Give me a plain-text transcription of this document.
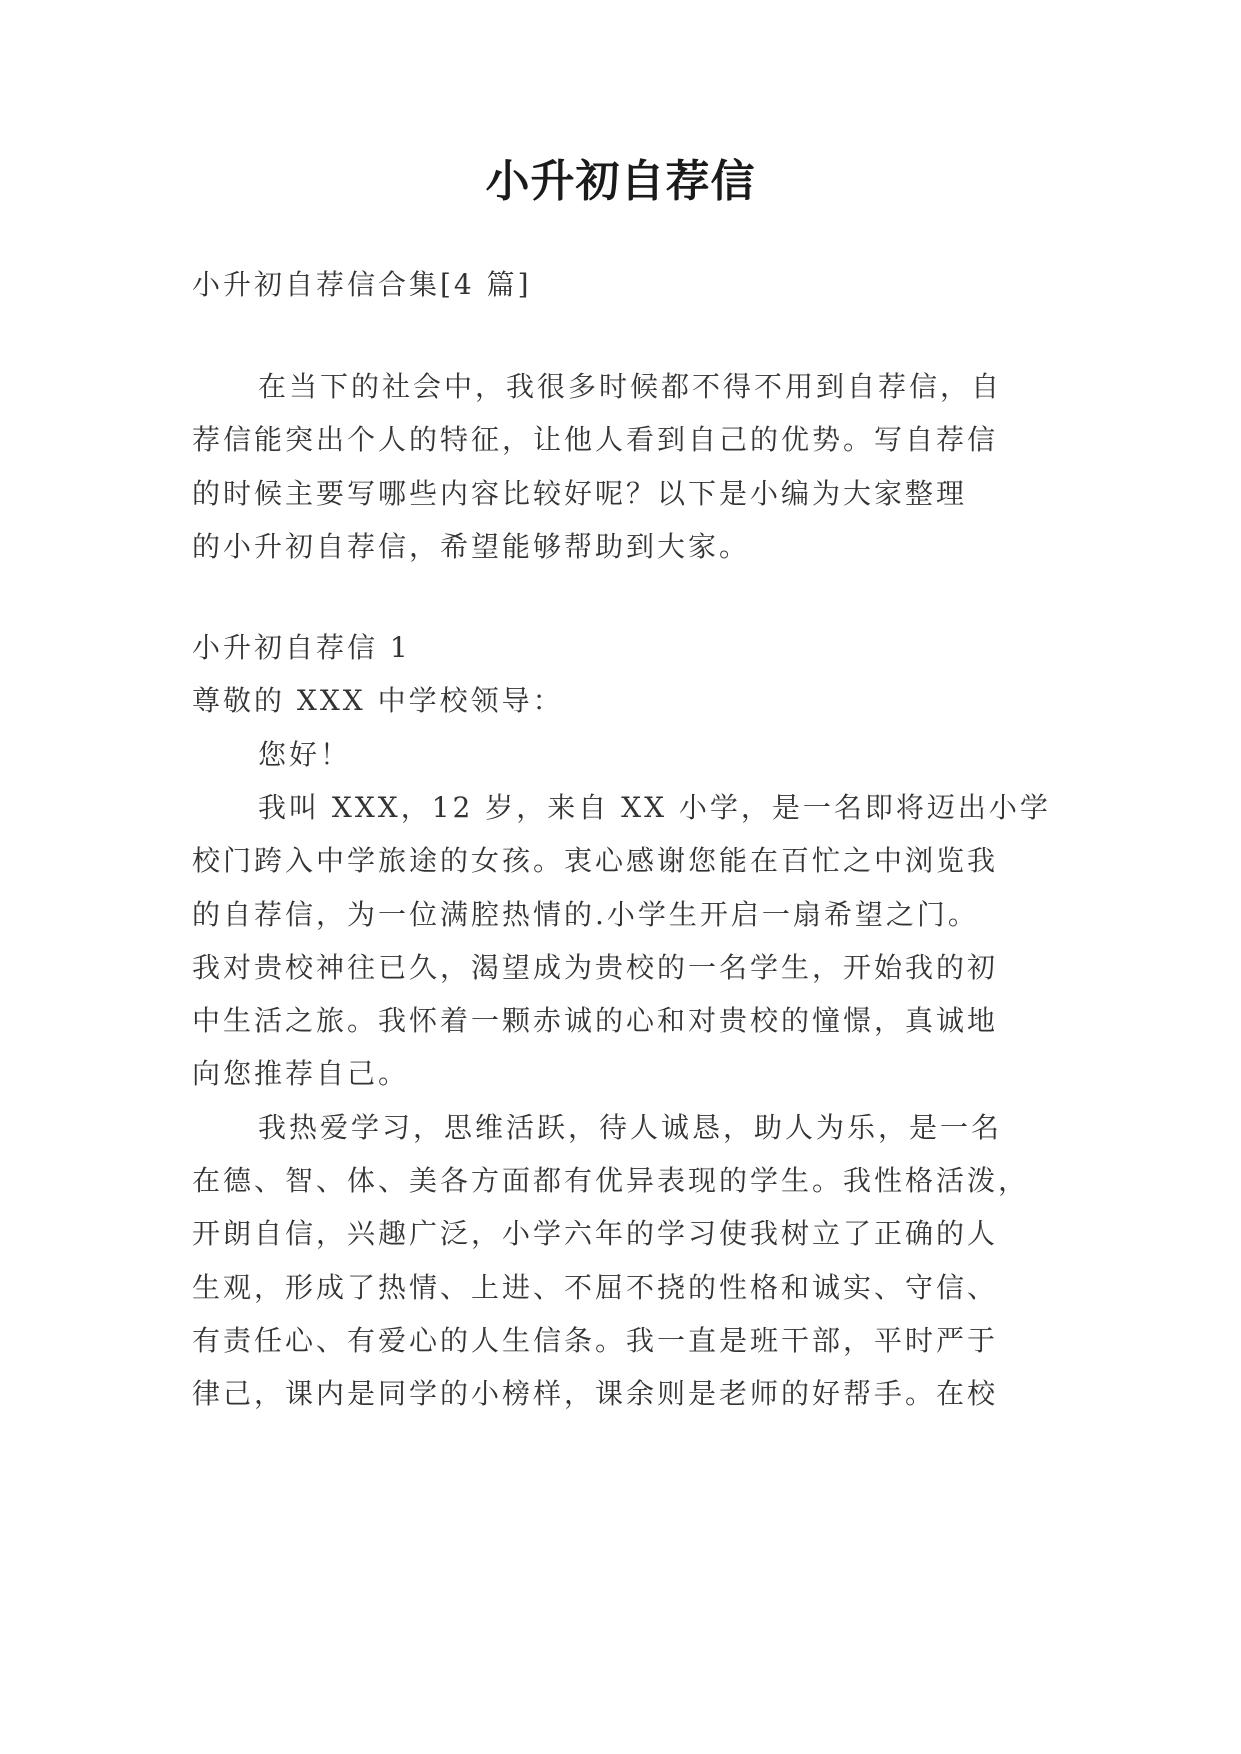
小升初自荐信
小升初自荐信合集[4 篇]
在当下的社会中，我很多时候都不得不用到自荐信，自
荐信能突出个人的特征，让他人看到自己的优势。写自荐信
的时候主要写哪些内容比较好呢？以下是小编为大家整理
的小升初自荐信，希望能够帮助到大家。
小升初自荐信 1
尊敬的 XXX 中学校领导：
您好！
我叫 XXX，12 岁，来自 XX 小学，是一名即将迈出小学
校门跨入中学旅途的女孩。衷心感谢您能在百忙之中浏览我
的自荐信，为一位满腔热情的.小学生开启一扇希望之门。
我对贵校神往已久，渴望成为贵校的一名学生，开始我的初
中生活之旅。我怀着一颗赤诚的心和对贵校的憧憬，真诚地
向您推荐自己。
我热爱学习，思维活跃，待人诚恳，助人为乐，是一名
在德、智、体、美各方面都有优异表现的学生。我性格活泼，
开朗自信，兴趣广泛，小学六年的学习使我树立了正确的人
生观，形成了热情、上进、不屈不挠的性格和诚实、守信、
有责任心、有爱心的人生信条。我一直是班干部，平时严于
律己，课内是同学的小榜样，课余则是老师的好帮手。在校
